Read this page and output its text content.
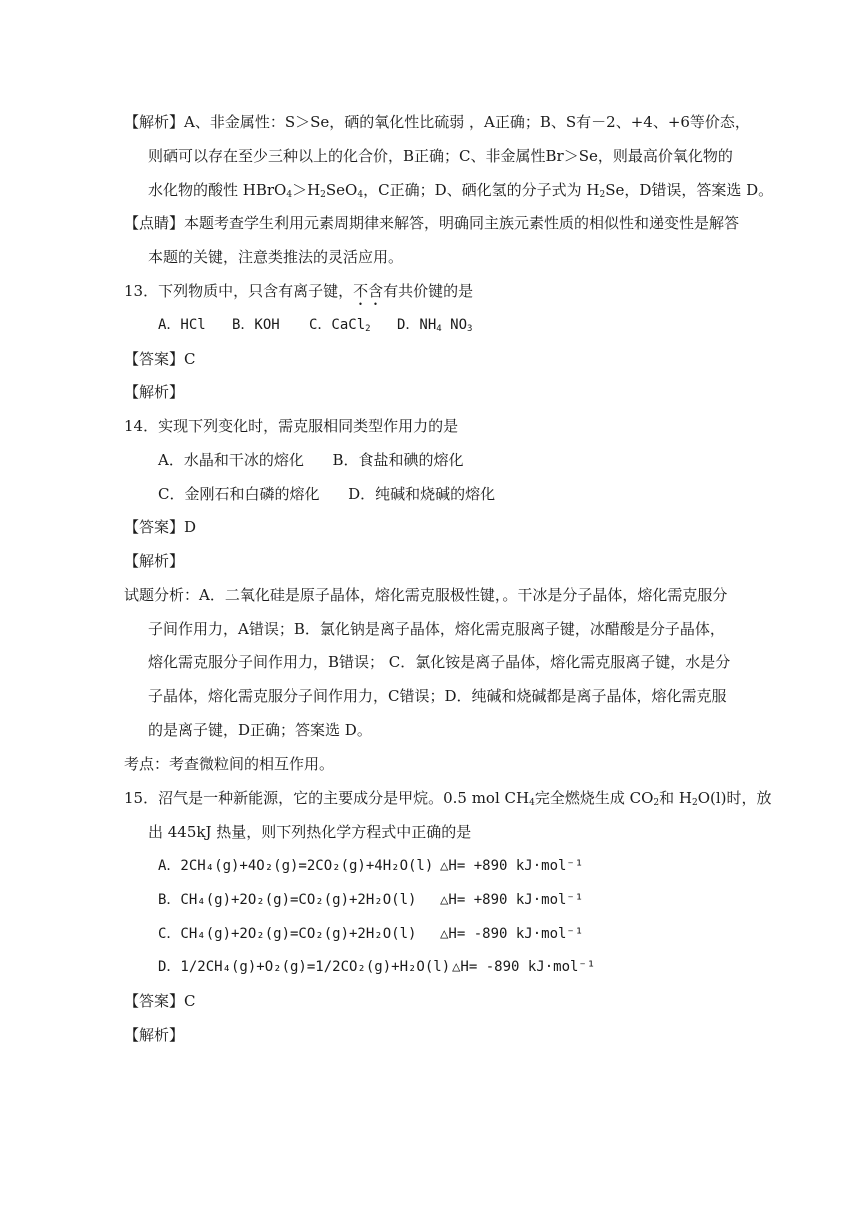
【解析】A、非金属性：S＞Se，硒的氧化性比硫弱 ，A正确；B、S有－2、+4、+6等价态，
则硒可以存在至少三种以上的化合价，B正确；C、非金属性Br＞Se，则最高价氧化物的
水化物的酸性 $HBrO_4>H_2SeO_4$，C正确；D、硒化氢的分子式为 $H_2Se$，D错误，答案选 D。
【点睛】本题考查学生利用元素周期律来解答，明确同主族元素性质的相似性和递变性是解答
本题的关键，注意类推法的灵活应用。
13．下列物质中，只含有离子键，不含有共价键的是
A．HCl B．KOH C．CaCl$_2$ D．$NH_4$ $NO_3$
【答案】C
【解析】
14．实现下列变化时，需克服相同类型作用力的是
A．水晶和干冰的熔化      B．食盐和碘的熔化
C．金刚石和白磷的熔化      D．纯碱和烧碱的熔化
【答案】D
【解析】
试题分析：A．二氧化硅是原子晶体，熔化需克服极性键，。干冰是分子晶体，熔化需克服分
子间作用力，A错误；B．氯化钠是离子晶体，熔化需克服离子键，冰醋酸是分子晶体，
熔化需克服分子间作用力，B错误； C．氯化铵是离子晶体，熔化需克服离子键，水是分
子晶体，熔化需克服分子间作用力，C错误；D．纯碱和烧碱都是离子晶体，熔化需克服
的是离子键，D正确；答案选 D。
考点：考查微粒间的相互作用。
15．沼气是一种新能源，它的主要成分是甲烷。0.5 mol $CH_4$完全燃烧生成 $CO_2$和 $H_2O(l)$时，放
出 445kJ 热量，则下列热化学方程式中正确的是
A．2CH₄(g)+4O₂(g)=2CO₂(g)+4H₂O(l) △H= +890 kJ·mol⁻¹
B．CH₄(g)+2O₂(g)=CO₂(g)+2H₂O(l) △H= +890 kJ·mol⁻¹
C．CH₄(g)+2O₂(g)=CO₂(g)+2H₂O(l) △H= -890 kJ·mol⁻¹
D．1/2CH₄(g)+O₂(g)=1/2CO₂(g)+H₂O(l) △H= -890 kJ·mol⁻¹
【答案】C
【解析】
